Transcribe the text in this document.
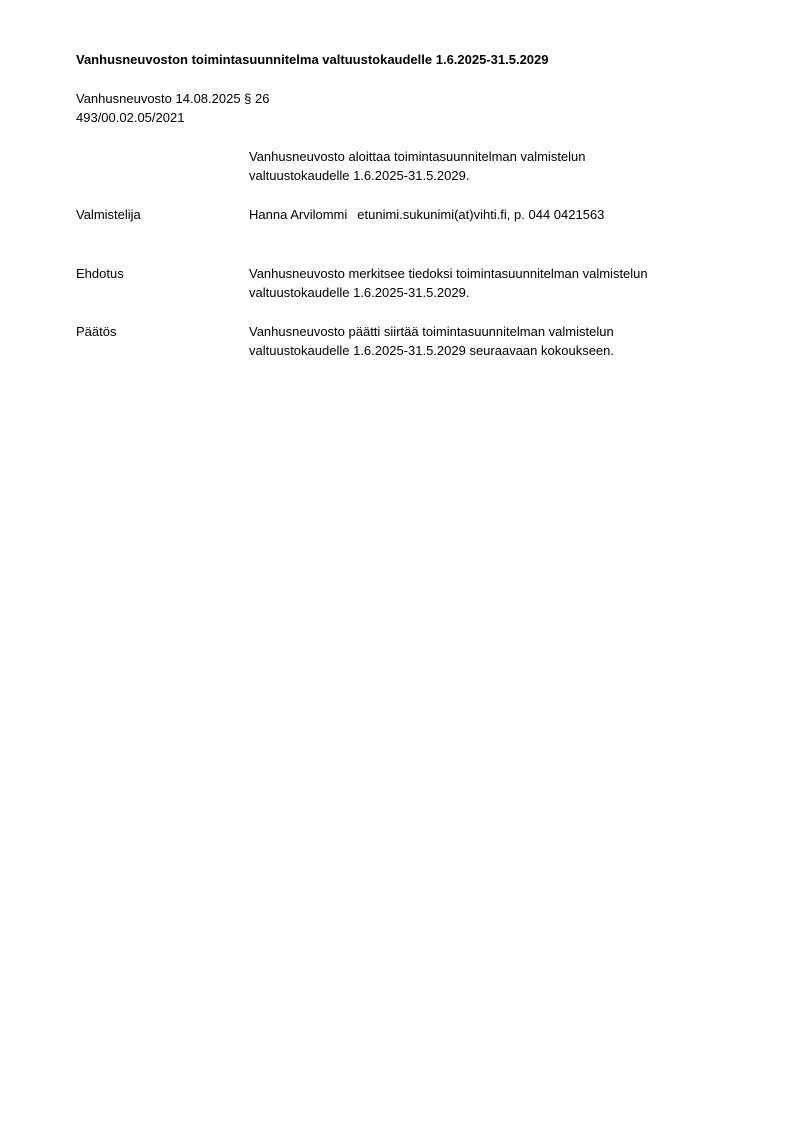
Vanhusneuvoston toimintasuunnitelma valtuustokaudelle 1.6.2025-31.5.2029
Vanhusneuvosto 14.08.2025 § 26
493/00.02.05/2021
Vanhusneuvosto aloittaa toimintasuunnitelman valmistelun
valtuustokaudelle 1.6.2025-31.5.2029.
Valmistelija	Hanna Arvilommi etunimi.sukunimi(at)vihti.fi, p. 044 0421563
Ehdotus	Vanhusneuvosto merkitsee tiedoksi toimintasuunnitelman valmistelun
valtuustokaudelle 1.6.2025-31.5.2029.
Päätös	Vanhusneuvosto päätti siirtää toimintasuunnitelman valmistelun
valtuustokaudelle 1.6.2025-31.5.2029 seuraavaan kokoukseen.
